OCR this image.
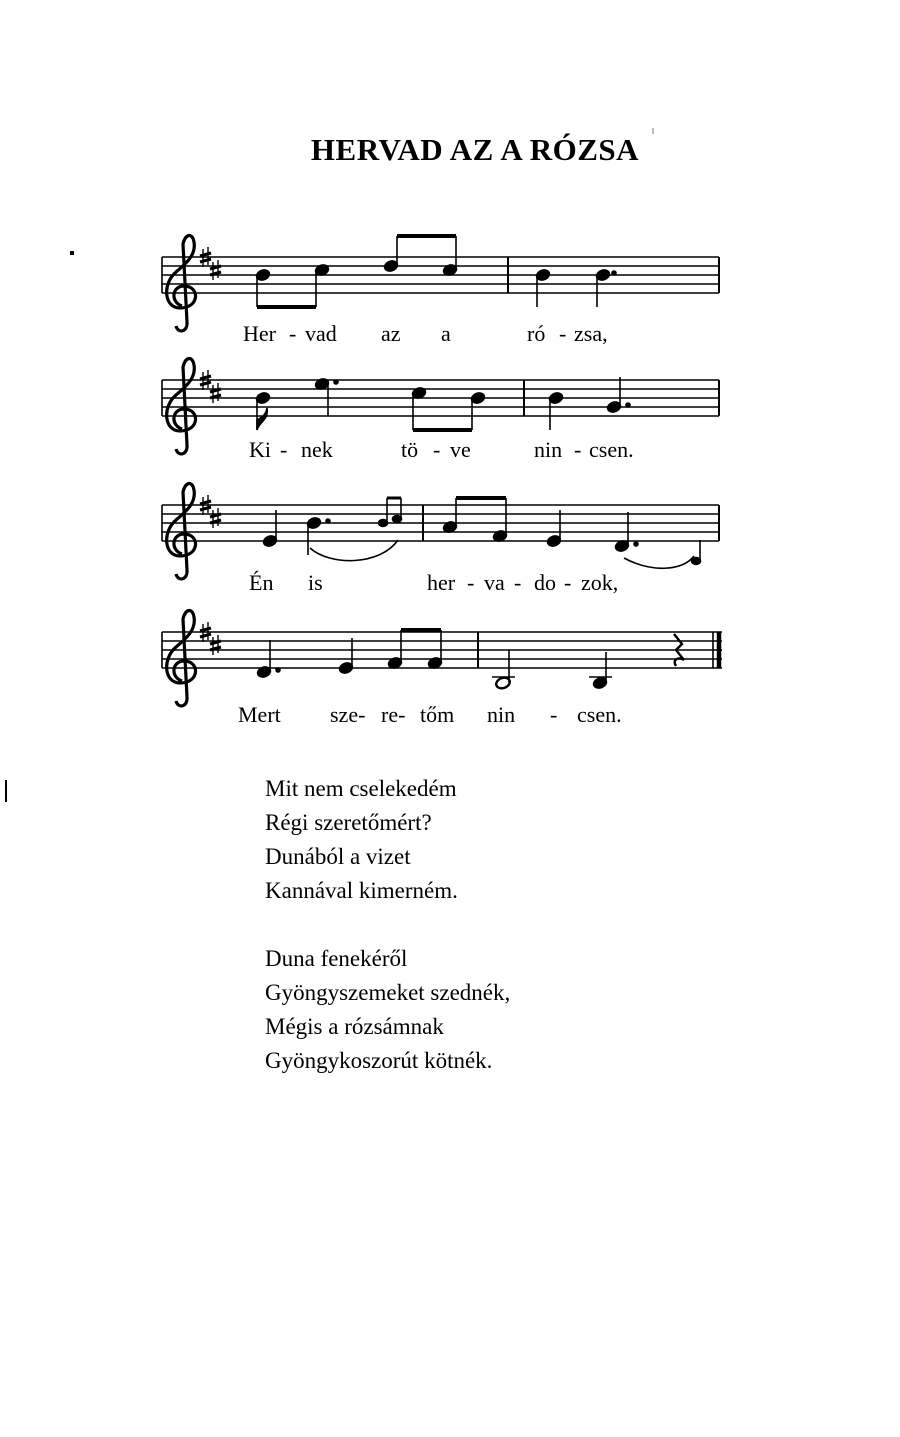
HERVAD AZ A RÓZSA
Her - vad az a	ró - zsa,
Ki - nek	tö - ve	nin - csen.
Én is	her - va - do - zok,
Mert sze- re- tőm nin - csen.
Mit nem cselekedém
Régi szeretőmért?
Dunából a vizet
Kannával kimerném.
Duna fenekéről
Gyöngyszemeket szednék,
Mégis a rózsámnak
Gyöngykoszorút kötnék.
